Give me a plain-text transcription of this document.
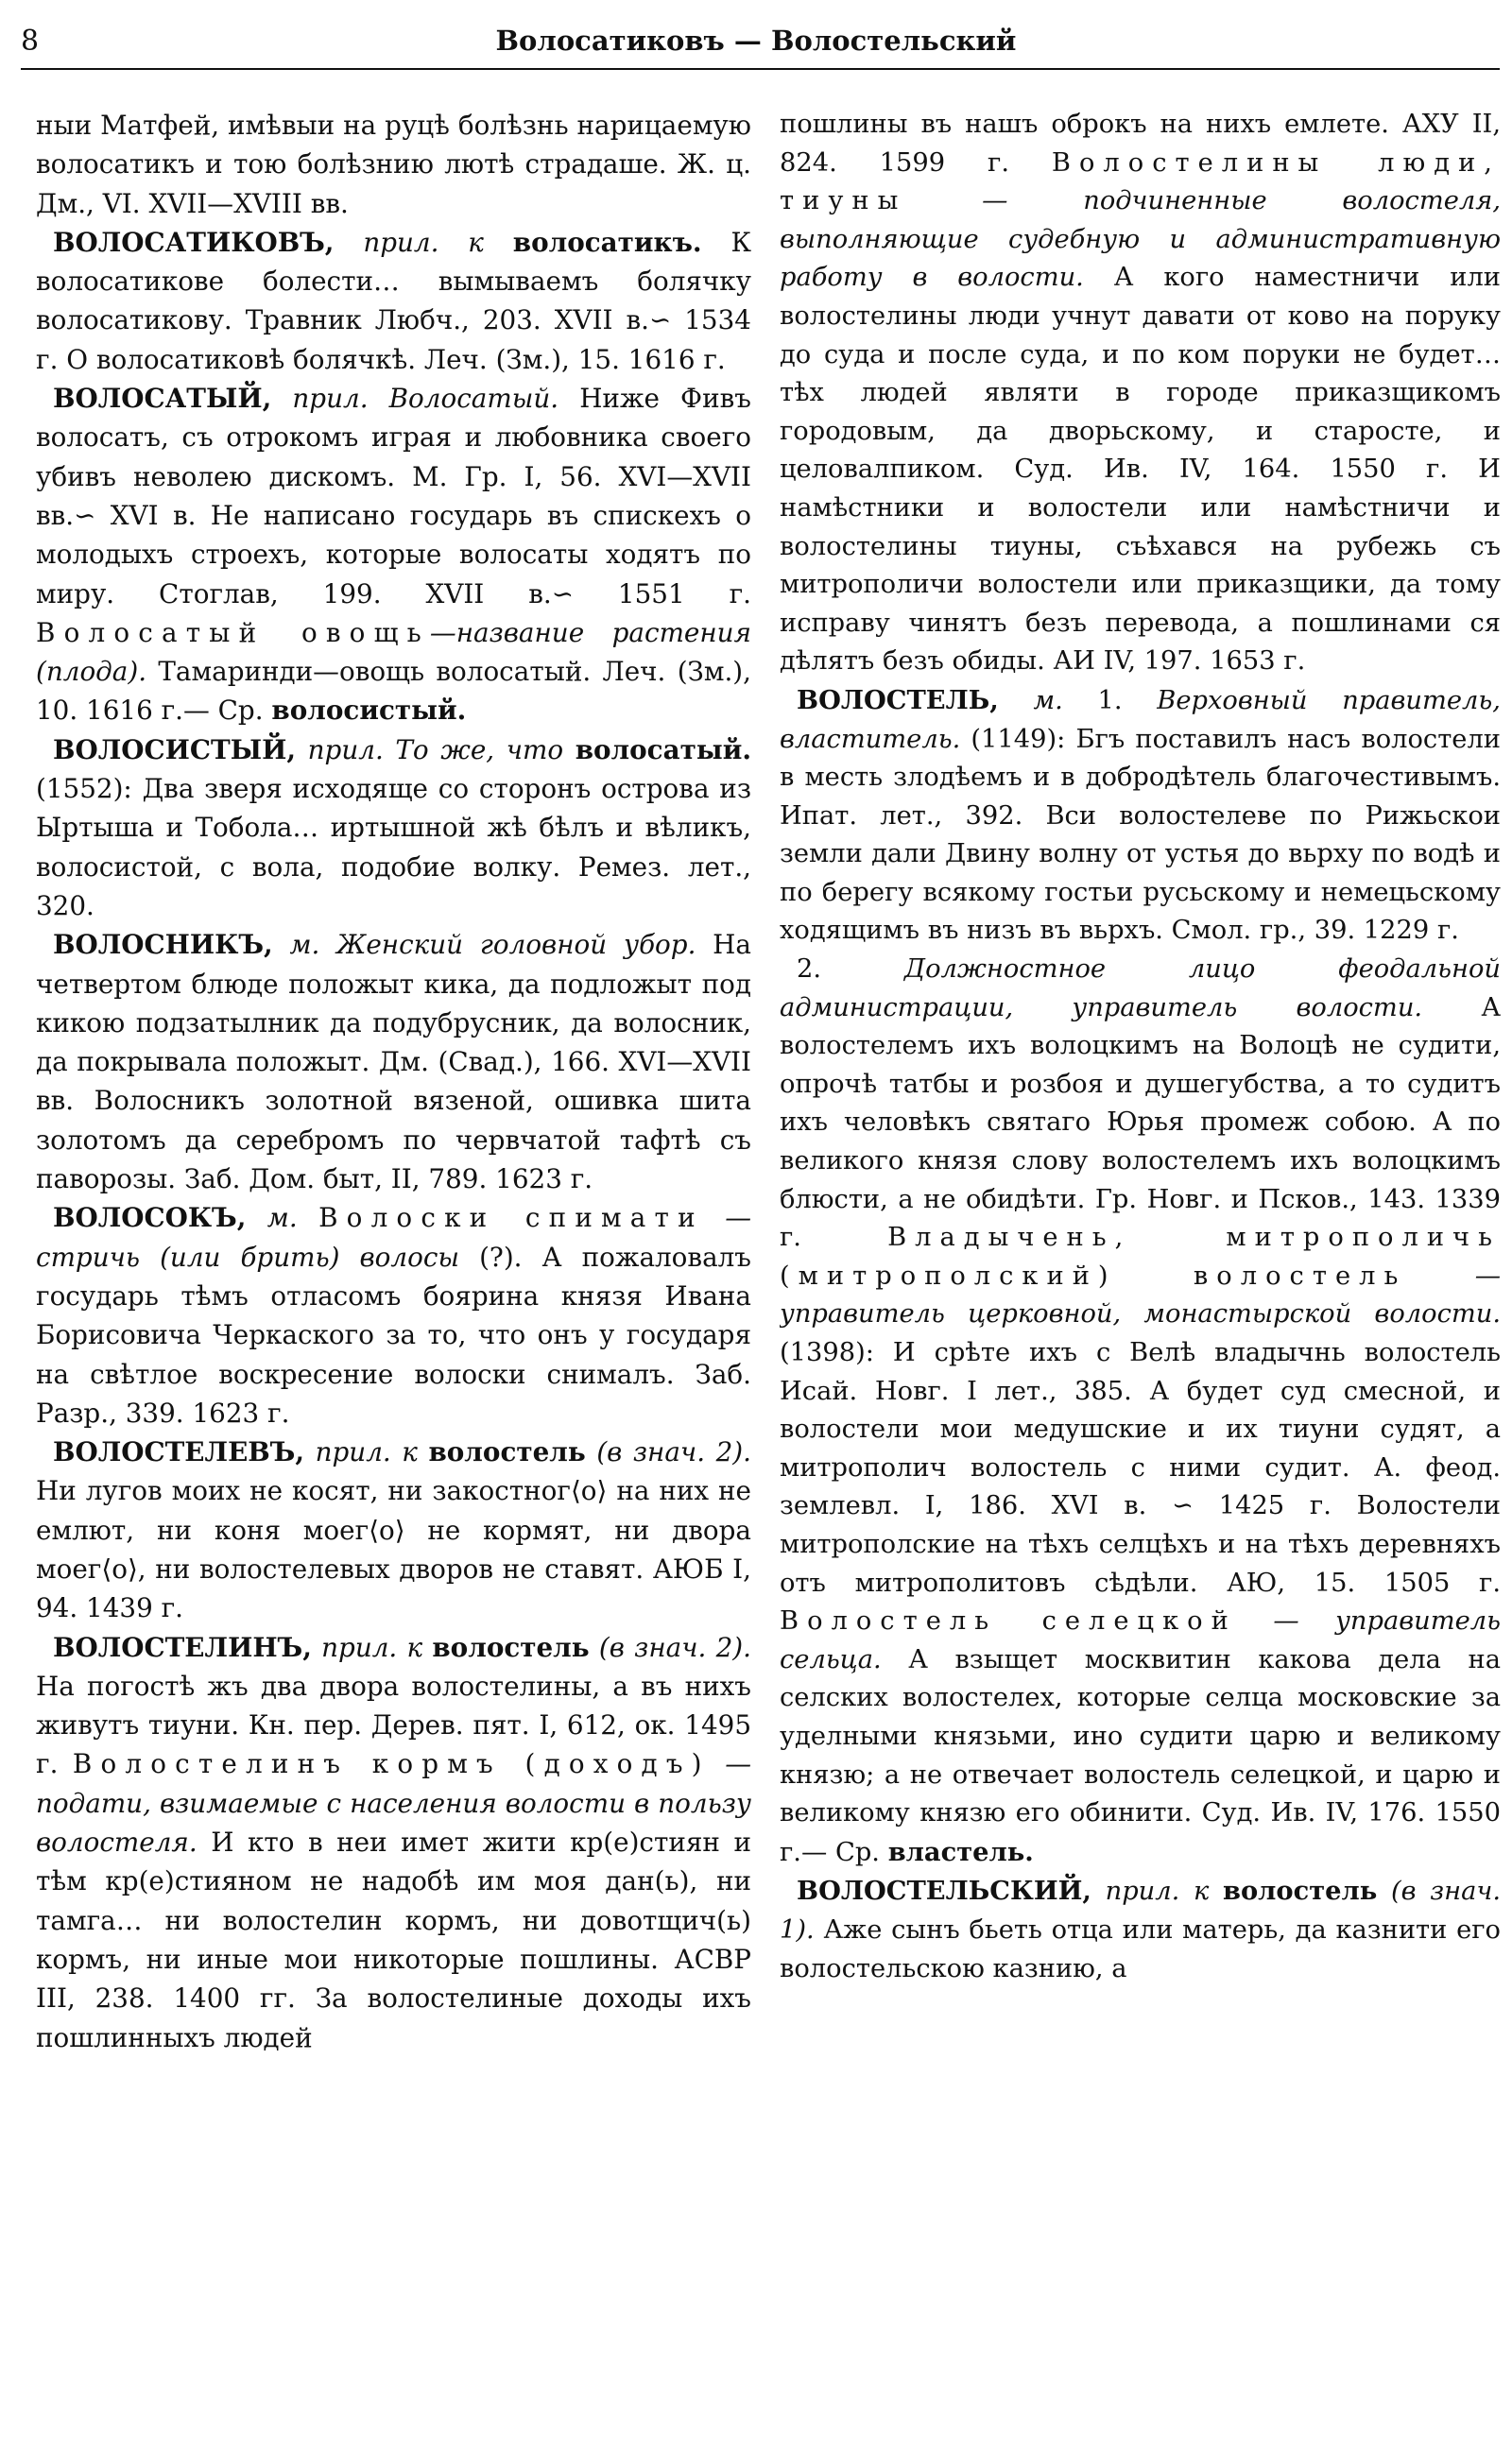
8	Волосатиковъ — Волостельский

ныи Матфей, имѣвыи на руцѣ болѣзнь нарицаемую волосатикъ и тою болѣзнию лютѣ страдаше. Ж. ц. Дм., VI. XVII—XVIII вв.

ВОЛОСАТИКОВЪ, прил. к волосатикъ. К волосатикове болести… вымываемъ болячку волосатикову. Травник Любч., 203. XVII в.∽ 1534 г. О волосатиковѣ болячкѣ. Леч. (Зм.), 15. 1616 г.

ВОЛОСАТЫЙ, прил. Волосатый. Ниже Фивъ волосатъ, съ отрокомъ играя и любовника своего убивъ неволею дискомъ. М. Гр. I, 56. XVI—XVII вв.∽ XVI в. Не написано государь въ спискехъ о молодыхъ строехъ, которые волосаты ходятъ по миру. Стоглав, 199. XVII в.∽ 1551 г. Волосатый овощь—название растения (плода). Тамаринди—овощь волосатый. Леч. (Зм.), 10. 1616 г.— Ср. волосистый.

ВОЛОСИСТЫЙ, прил. То же, что волосатый. (1552): Два зверя исходяще со сторонъ острова из Ыртыша и Тобола… иртышной жѣ бѣлъ и вѣликъ, волосистой, с вола, подобие волку. Ремез. лет., 320.

ВОЛОСНИКЪ, м. Женский головной убор. На четвертом блюде положыт кика, да подложыт под кикою подзатылник да подубрусник, да волосник, да покрывала положыт. Дм. (Свад.), 166. XVI—XVII вв. Волосникъ золотной вязеной, ошивка шита золотомъ да серебромъ по червчатой тафтѣ съ паворозы. Заб. Дом. быт, II, 789. 1623 г.

ВОЛОСОКЪ, м. Волоски спимати — стричь (или брить) волосы (?). А пожаловалъ государь тѣмъ отласомъ боярина князя Ивана Борисовича Черкаского за то, что онъ у государя на свѣтлое воскресение волоски снималъ. Заб. Разр., 339. 1623 г.

ВОЛОСТЕЛЕВЪ, прил. к волостель (в знач. 2). Ни лугов моих не косят, ни закостнoг⟨o⟩ на них не емлют, ни коня моег⟨o⟩ не кормят, ни двора моег⟨o⟩, ни волостелевых дворов не ставят. АЮБ I, 94. 1439 г.

ВОЛОСТЕЛИНЪ, прил. к волостель (в знач. 2). На погостѣ жъ два двора волостелины, а въ нихъ живутъ тиуни. Кн. пер. Дерев. пят. I, 612, ок. 1495 г. Волостелинъ кормъ (доходъ) — подати, взимаемые с населения волости в пользу волостеля. И кто в неи имет жити кр(е)стиян и тѣм кр(е)стияном не надобѣ им моя дан(ь), ни тамга… ни волостелин кормъ, ни довотщич(ь) кормъ, ни иные мои никоторые пошлины. АСВР III, 238. 1400 гг. За волостелиные доходы ихъ пошлинныхъ людей

пошлины въ нашъ оброкъ на нихъ емлете. АХУ II, 824. 1599 г. Волостелины люди, тиуны	— подчиненные волостеля, выполняющие судебную и административную работу в волости. А кого наместничи или волостелины люди учнут давати от ково на поруку до суда и после суда, и по ком поруки не будет… тѣх людей являти в городе приказщикомъ городовым, да дворьскому, и старосте, и целовалпиком. Суд. Ив. IV, 164. 1550 г. И намѣстники и волостели или намѣстничи и волостелины тиуны, съѣхався на рубежь съ митрополичи волостели или приказщики, да тому исправу чинятъ безъ перевода, а пошлинами ся дѣлятъ безъ обиды. АИ IV, 197. 1653 г.

ВОЛОСТЕЛЬ, м. 1. Верховный правитель, властитель. (1149): Бгъ поставилъ насъ волостели в месть злодѣемъ и в добродѣтель благочестивымъ. Ипат. лет., 392. Вси волостелеве по Рижьскои земли дали Двину волну от устья до вьрху по водѣ и по берегу всякому гостьи русьскому и немецьскому ходящимъ въ низъ въ вьрхъ. Смол. гр., 39. 1229 г.

2.	Должностное лицо феодальной администрации, управитель волости. А волостелемъ ихъ волоцкимъ на Волоцѣ не судити, опрочѣ татбы и розбоя и душегубства, а то судитъ ихъ человѣкъ святаго Юрья промеж собою. А по великого князя слову волостелемъ ихъ волоцкимъ блюсти, а не обидѣти. Гр. Новг. и Псков., 143. 1339 г.	Владычень, митрополичь (митрополский) волостель	— управитель церковной, монастырской волости. (1398): И срѣте ихъ с Велѣ владычнь волостель Исай. Новг. I лет., 385. А будет суд смесной, и волостели мои медушские и их тиуни судят, а митрополич волостель с ними судит. А. феод. землевл. I, 186. XVI в. ∽ 1425 г. Волостели митрополские на тѣхъ селцѣхъ и на тѣхъ деревняхъ отъ митрополитовъ сѣдѣли. АЮ, 15. 1505 г. Волостель селецкой — управитель сельца. А взыщет москвитин какова дела на селских волостелех, которые селца московские за уделными князьми, ино судити царю и великому князю; а не отвечает волостель селецкой, и царю и великому князю его обинити. Суд. Ив. IV, 176. 1550 г.— Ср. властель.

ВОЛОСТЕЛЬСКИЙ, прил. к волостель (в знач. 1). Аже сынъ бьеть отца или матерь, да казнити его волостельскою казнию, а
